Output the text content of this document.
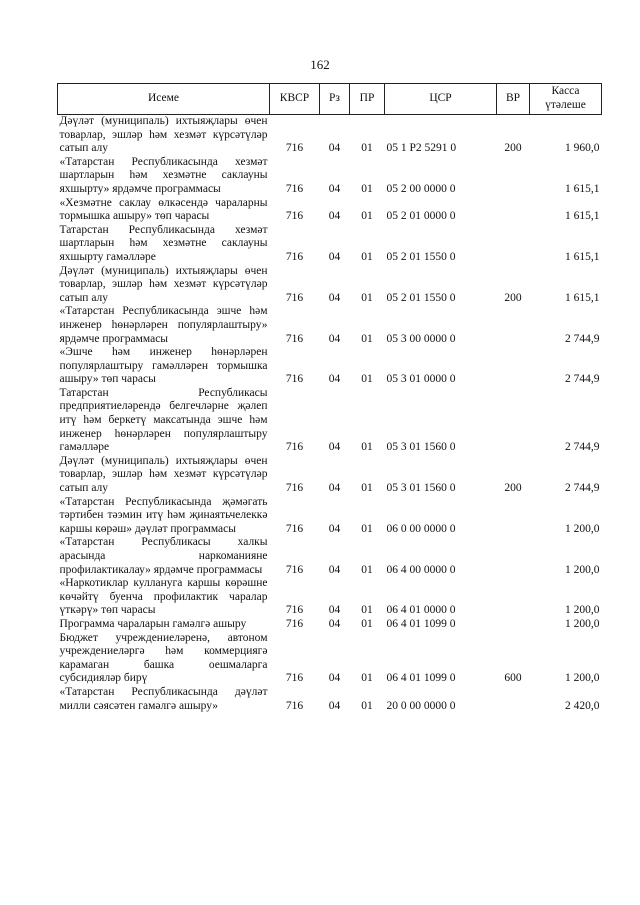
162
Исеме	КВСР	Рз	ПР	ЦСР	ВР	Касса
үтәлеше

Дәүләт (муниципаль) ихтыяҗлары өчен товарлар, эшләр һәм хезмәт күрсәтүләр сатып алу	716	04	01	05 1 Р2 5291 0	200	1 960,0
«Татарстан Республикасында хезмәт шартларын һәм хезмәтне саклауны яхшырту» ярдәмче программасы	716	04	01	05 2 00 0000 0		1 615,1
«Хезмәтне саклау өлкәсендә чараларны тормышка ашыру» төп чарасы	716	04	01	05 2 01 0000 0		1 615,1
Татарстан Республикасында хезмәт шартларын һәм хезмәтне саклауны яхшырту гамәлләре	716	04	01	05 2 01 1550 0		1 615,1
Дәүләт (муниципаль) ихтыяҗлары өчен товарлар, эшләр һәм хезмәт күрсәтүләр сатып алу	716	04	01	05 2 01 1550 0	200	1 615,1
«Татарстан Республикасында эшче һәм инженер һөнәрләрен популярлаштыру» ярдәмче программасы	716	04	01	05 3 00 0000 0		2 744,9
«Эшче һәм инженер һөнәрләрен популярлаштыру гамәлләрен тормышка ашыру» төп чарасы	716	04	01	05 3 01 0000 0		2 744,9
Татарстан Республикасы предприятиеләрендә белгечләрне җәлеп итү һәм беркетү максатында эшче һәм инженер һөнәрләрен популярлаштыру гамәлләре	716	04	01	05 3 01 1560 0		2 744,9
Дәүләт (муниципаль) ихтыяҗлары өчен товарлар, эшләр һәм хезмәт күрсәтүләр сатып алу	716	04	01	05 3 01 1560 0	200	2 744,9
«Татарстан Республикасында җәмәгать тәртибен тәэмин итү һәм җинаятьчелеккә каршы көрәш» дәүләт программасы	716	04	01	06 0 00 0000 0		1 200,0
«Татарстан Республикасы халкы арасында наркоманияне профилактикалау» ярдәмче программасы	716	04	01	06 4 00 0000 0		1 200,0
«Наркотиклар кулланугa каршы көрәшне көчәйтү буенча профилактик чаралар үткәрү» төп чарасы	716	04	01	06 4 01 0000 0		1 200,0
Программа чараларын гамәлгә ашыру	716	04	01	06 4 01 1099 0		1 200,0
Бюджет учреждениеләренә, автоном учреждениеләргә һәм коммерциягә карамаган башка оешмаларга субсидияләр бирү	716	04	01	06 4 01 1099 0	600	1 200,0
«Татарстан Республикасында дәүләт милли сәясәтен гамәлгә ашыру»	716	04	01	20 0 00 0000 0		2 420,0
